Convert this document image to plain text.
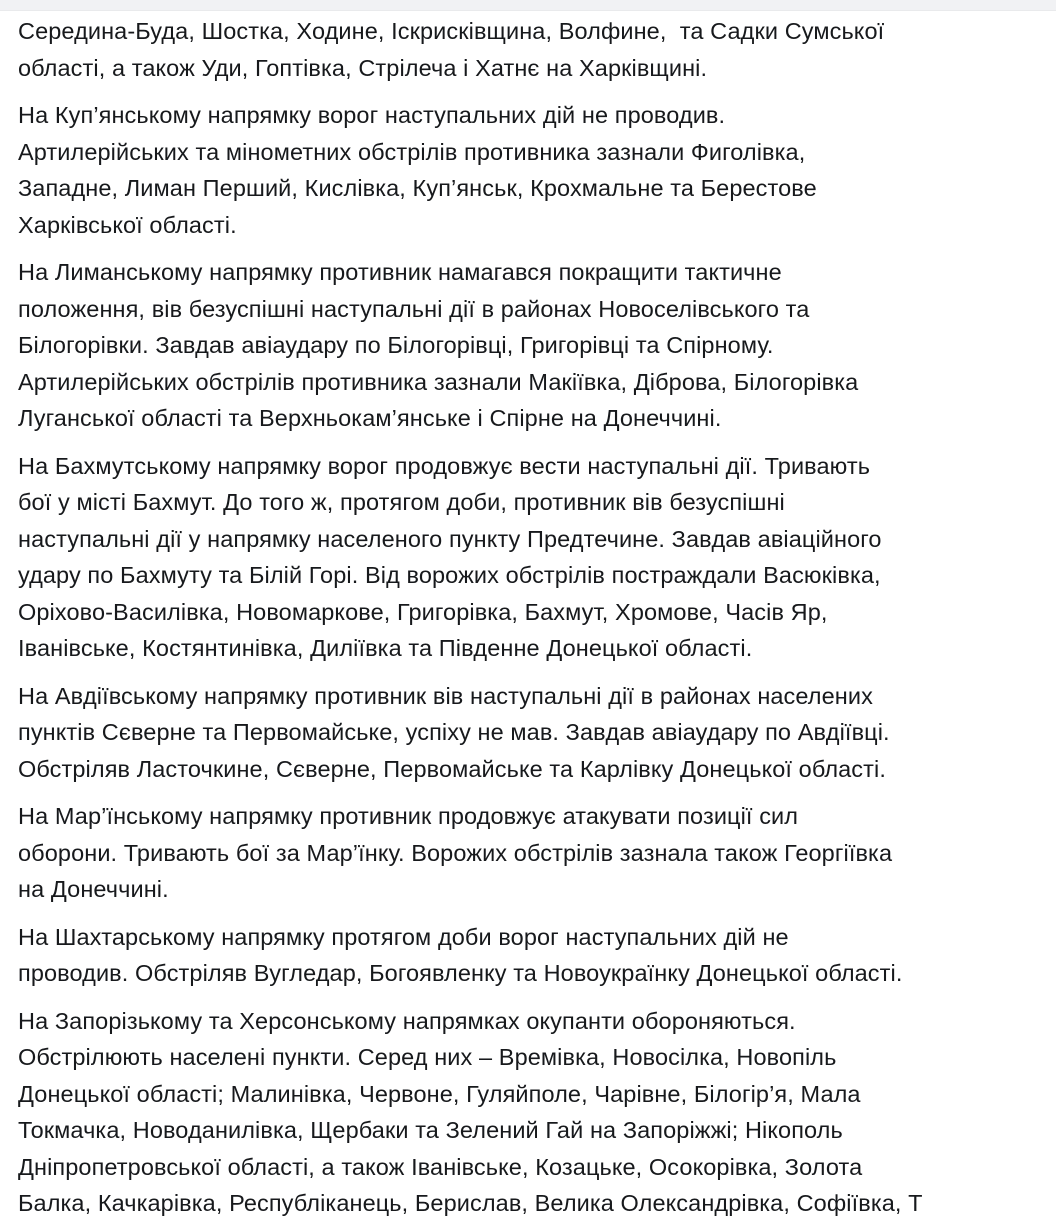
Середина-Буда, Шостка, Ходине, Іскрисківщина, Волфине,  та Садки Сумської
області, а також Уди, Гоптівка, Стрілеча і Хатнє на Харківщині.

На Куп’янському напрямку ворог наступальних дій не проводив.
Артилерійських та мінометних обстрілів противника зазнали Фиголівка,
Западне, Лиман Перший, Кислівка, Куп’янськ, Крохмальне та Берестове
Харківської області.

На Лиманському напрямку противник намагався покращити тактичне
положення, вів безуспішні наступальні дії в районах Новоселівського та
Білогорівки. Завдав авіаудару по Білогорівці, Григорівці та Спірному.
Артилерійських обстрілів противника зазнали Макіївка, Діброва, Білогорівка
Луганської області та Верхньокам’янське і Спірне на Донеччині.

На Бахмутському напрямку ворог продовжує вести наступальні дії. Тривають
бої у місті Бахмут. До того ж, протягом доби, противник вів безуспішні
наступальні дії у напрямку населеного пункту Предтечине. Завдав авіаційного
удару по Бахмуту та Білій Горі. Від ворожих обстрілів постраждали Васюківка,
Оріхово-Василівка, Новомаркове, Григорівка, Бахмут, Хромове, Часів Яр,
Іванівське, Костянтинівка, Диліївка та Південне Донецької області.

На Авдіївському напрямку противник вів наступальні дії в районах населених
пунктів Сєверне та Первомайське, успіху не мав. Завдав авіаудару по Авдіївці.
Обстріляв Ласточкине, Сєверне, Первомайське та Карлівку Донецької області.

На Мар’їнському напрямку противник продовжує атакувати позиції сил
оборони. Тривають бої за Мар’їнку. Ворожих обстрілів зазнала також Георгіївка
на Донеччині.

На Шахтарському напрямку протягом доби ворог наступальних дій не
проводив. Обстріляв Вугледар, Богоявленку та Новоукраїнку Донецької області.

На Запорізькому та Херсонському напрямках окупанти обороняються.
Обстрілюють населені пункти. Серед них – Времівка, Новосілка, Новопіль
Донецької області; Малинівка, Червоне, Гуляйполе, Чарівне, Білогір’я, Мала
Токмачка, Новоданилівка, Щербаки та Зелений Гай на Запоріжжі; Нікополь
Дніпропетровської області, а також Іванівське, Козацьке, Осокорівка, Золота
Балка, Качкарівка, Республіканець, Берислав, Велика Олександрівка, Софіївка, Т
